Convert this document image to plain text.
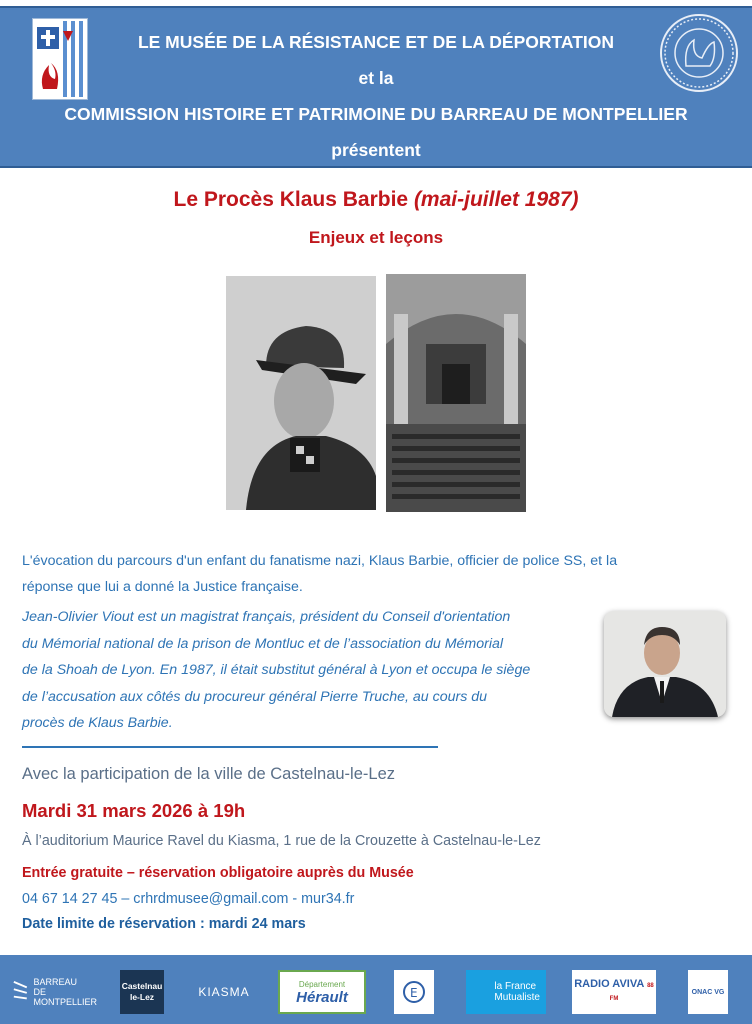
LE MUSÉE DE LA RÉSISTANCE ET DE LA DÉPORTATION
et la
COMMISSION HISTOIRE ET PATRIMOINE DU BARREAU DE MONTPELLIER
présentent
Le Procès Klaus Barbie (mai-juillet 1987)
Enjeux et leçons
L'évocation du parcours d'un enfant du fanatisme nazi, Klaus Barbie, officier de police SS, et la
réponse que lui a donné la Justice française.
Jean-Olivier Viout est un magistrat français, président du Conseil d'orientation
du Mémorial national de la prison de Montluc et de l’association du Mémorial
de la Shoah de Lyon. En 1987, il était substitut général à Lyon et occupa le siège
de l’accusation aux côtés du procureur général Pierre Truche, au cours du
procès de Klaus Barbie.
Avec la participation de la ville de Castelnau-le-Lez
Mardi 31 mars 2026 à 19h
À l’auditorium Maurice Ravel du Kiasma, 1 rue de la Crouzette à Castelnau-le-Lez
Entrée gratuite – réservation obligatoire auprès du Musée
04 67 14 27 45 – crhrdmusee@gmail.com - mur34.fr
Date limite de réservation : mardi 24 mars
BARREAU
DE MONTPELLIER
Castelnau
le-Lez	KIASMA
Département
Hérault	E	la France
Mutualiste
RADIO AVIVA 88 FM
ONAC VG
